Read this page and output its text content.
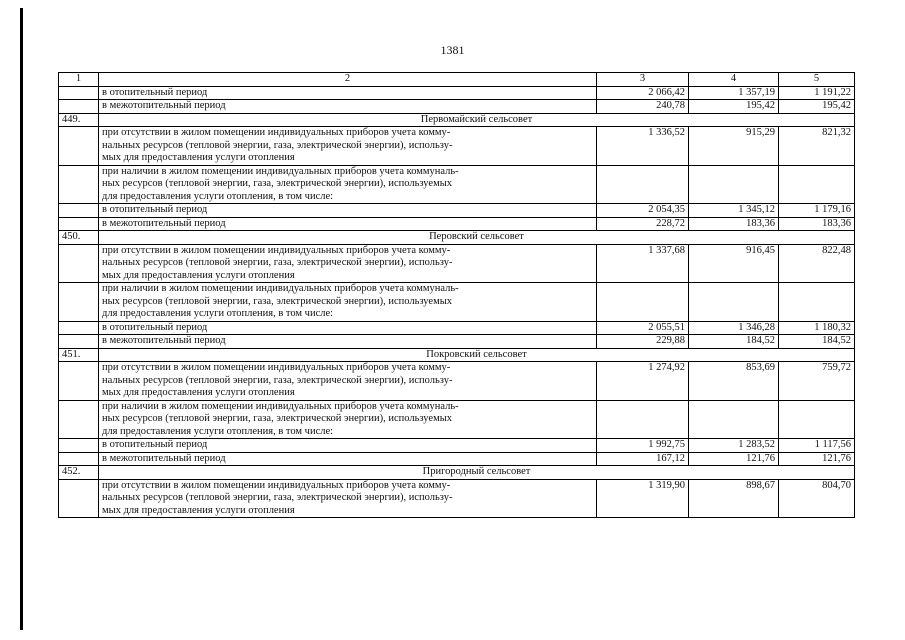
1381
1	2	3	4	5
	в отопительный период	2 066,42	1 357,19	1 191,22
	в межотопительный период	240,78	195,42	195,42
449.	Первомайский сельсовет			

	при отсутствии в жилом помещении индивидуальных приборов учета комму-
нальных ресурсов (тепловой энергии, газа, электрической энергии), использу-
мых для предоставления услуги отопления	1 336,52	915,29	821,32

	при наличии в жилом помещении индивидуальных приборов учета коммуналь-
ных ресурсов (тепловой энергии, газа, электрической энергии), используемых
для предоставления услуги отопления, в том числе:			

	в отопительный период	2 054,35	1 345,12	1 179,16
	в межотопительный период	228,72	183,36	183,36
450.	Перовский сельсовет			

	при отсутствии в жилом помещении индивидуальных приборов учета комму-
нальных ресурсов (тепловой энергии, газа, электрической энергии), использу-
мых для предоставления услуги отопления	1 337,68	916,45	822,48

	при наличии в жилом помещении индивидуальных приборов учета коммуналь-
ных ресурсов (тепловой энергии, газа, электрической энергии), используемых
для предоставления услуги отопления, в том числе:			

	в отопительный период	2 055,51	1 346,28	1 180,32
	в межотопительный период	229,88	184,52	184,52
451.	Покровский сельсовет			

	при отсутствии в жилом помещении индивидуальных приборов учета комму-
нальных ресурсов (тепловой энергии, газа, электрической энергии), использу-
мых для предоставления услуги отопления	1 274,92	853,69	759,72

	при наличии в жилом помещении индивидуальных приборов учета коммуналь-
ных ресурсов (тепловой энергии, газа, электрической энергии), используемых
для предоставления услуги отопления, в том числе:			

	в отопительный период	1 992,75	1 283,52	1 117,56
	в межотопительный период	167,12	121,76	121,76
452.	Пригородный сельсовет			

	при отсутствии в жилом помещении индивидуальных приборов учета комму-
нальных ресурсов (тепловой энергии, газа, электрической энергии), использу-
мых для предоставления услуги отопления	1 319,90	898,67	804,70
